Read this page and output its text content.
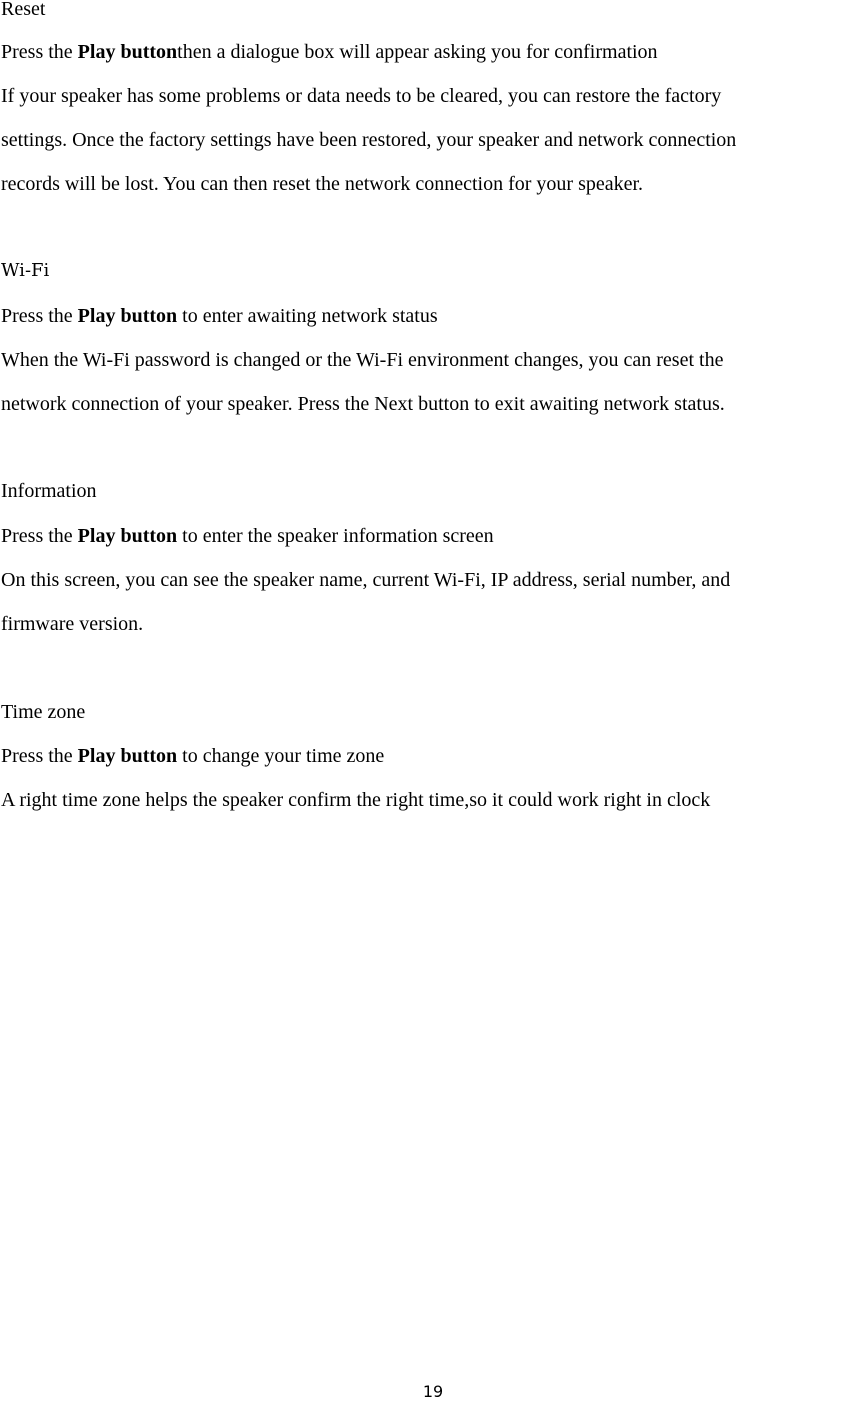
Reset
Press the Play buttonthen a dialogue box will appear asking you for confirmation
If your speaker has some problems or data needs to be cleared, you can restore the factory
settings. Once the factory settings have been restored, your speaker and network connection
records will be lost. You can then reset the network connection for your speaker.
Wi-Fi
Press the Play button to enter awaiting network status
When the Wi-Fi password is changed or the Wi-Fi environment changes, you can reset the
network connection of your speaker. Press the Next button to exit awaiting network status.
Information
Press the Play button to enter the speaker information screen
On this screen, you can see the speaker name, current Wi-Fi, IP address, serial number, and
firmware version.
Time zone
Press the Play button to change your time zone
A right time zone helps the speaker confirm the right time,so it could work right in clock
19
